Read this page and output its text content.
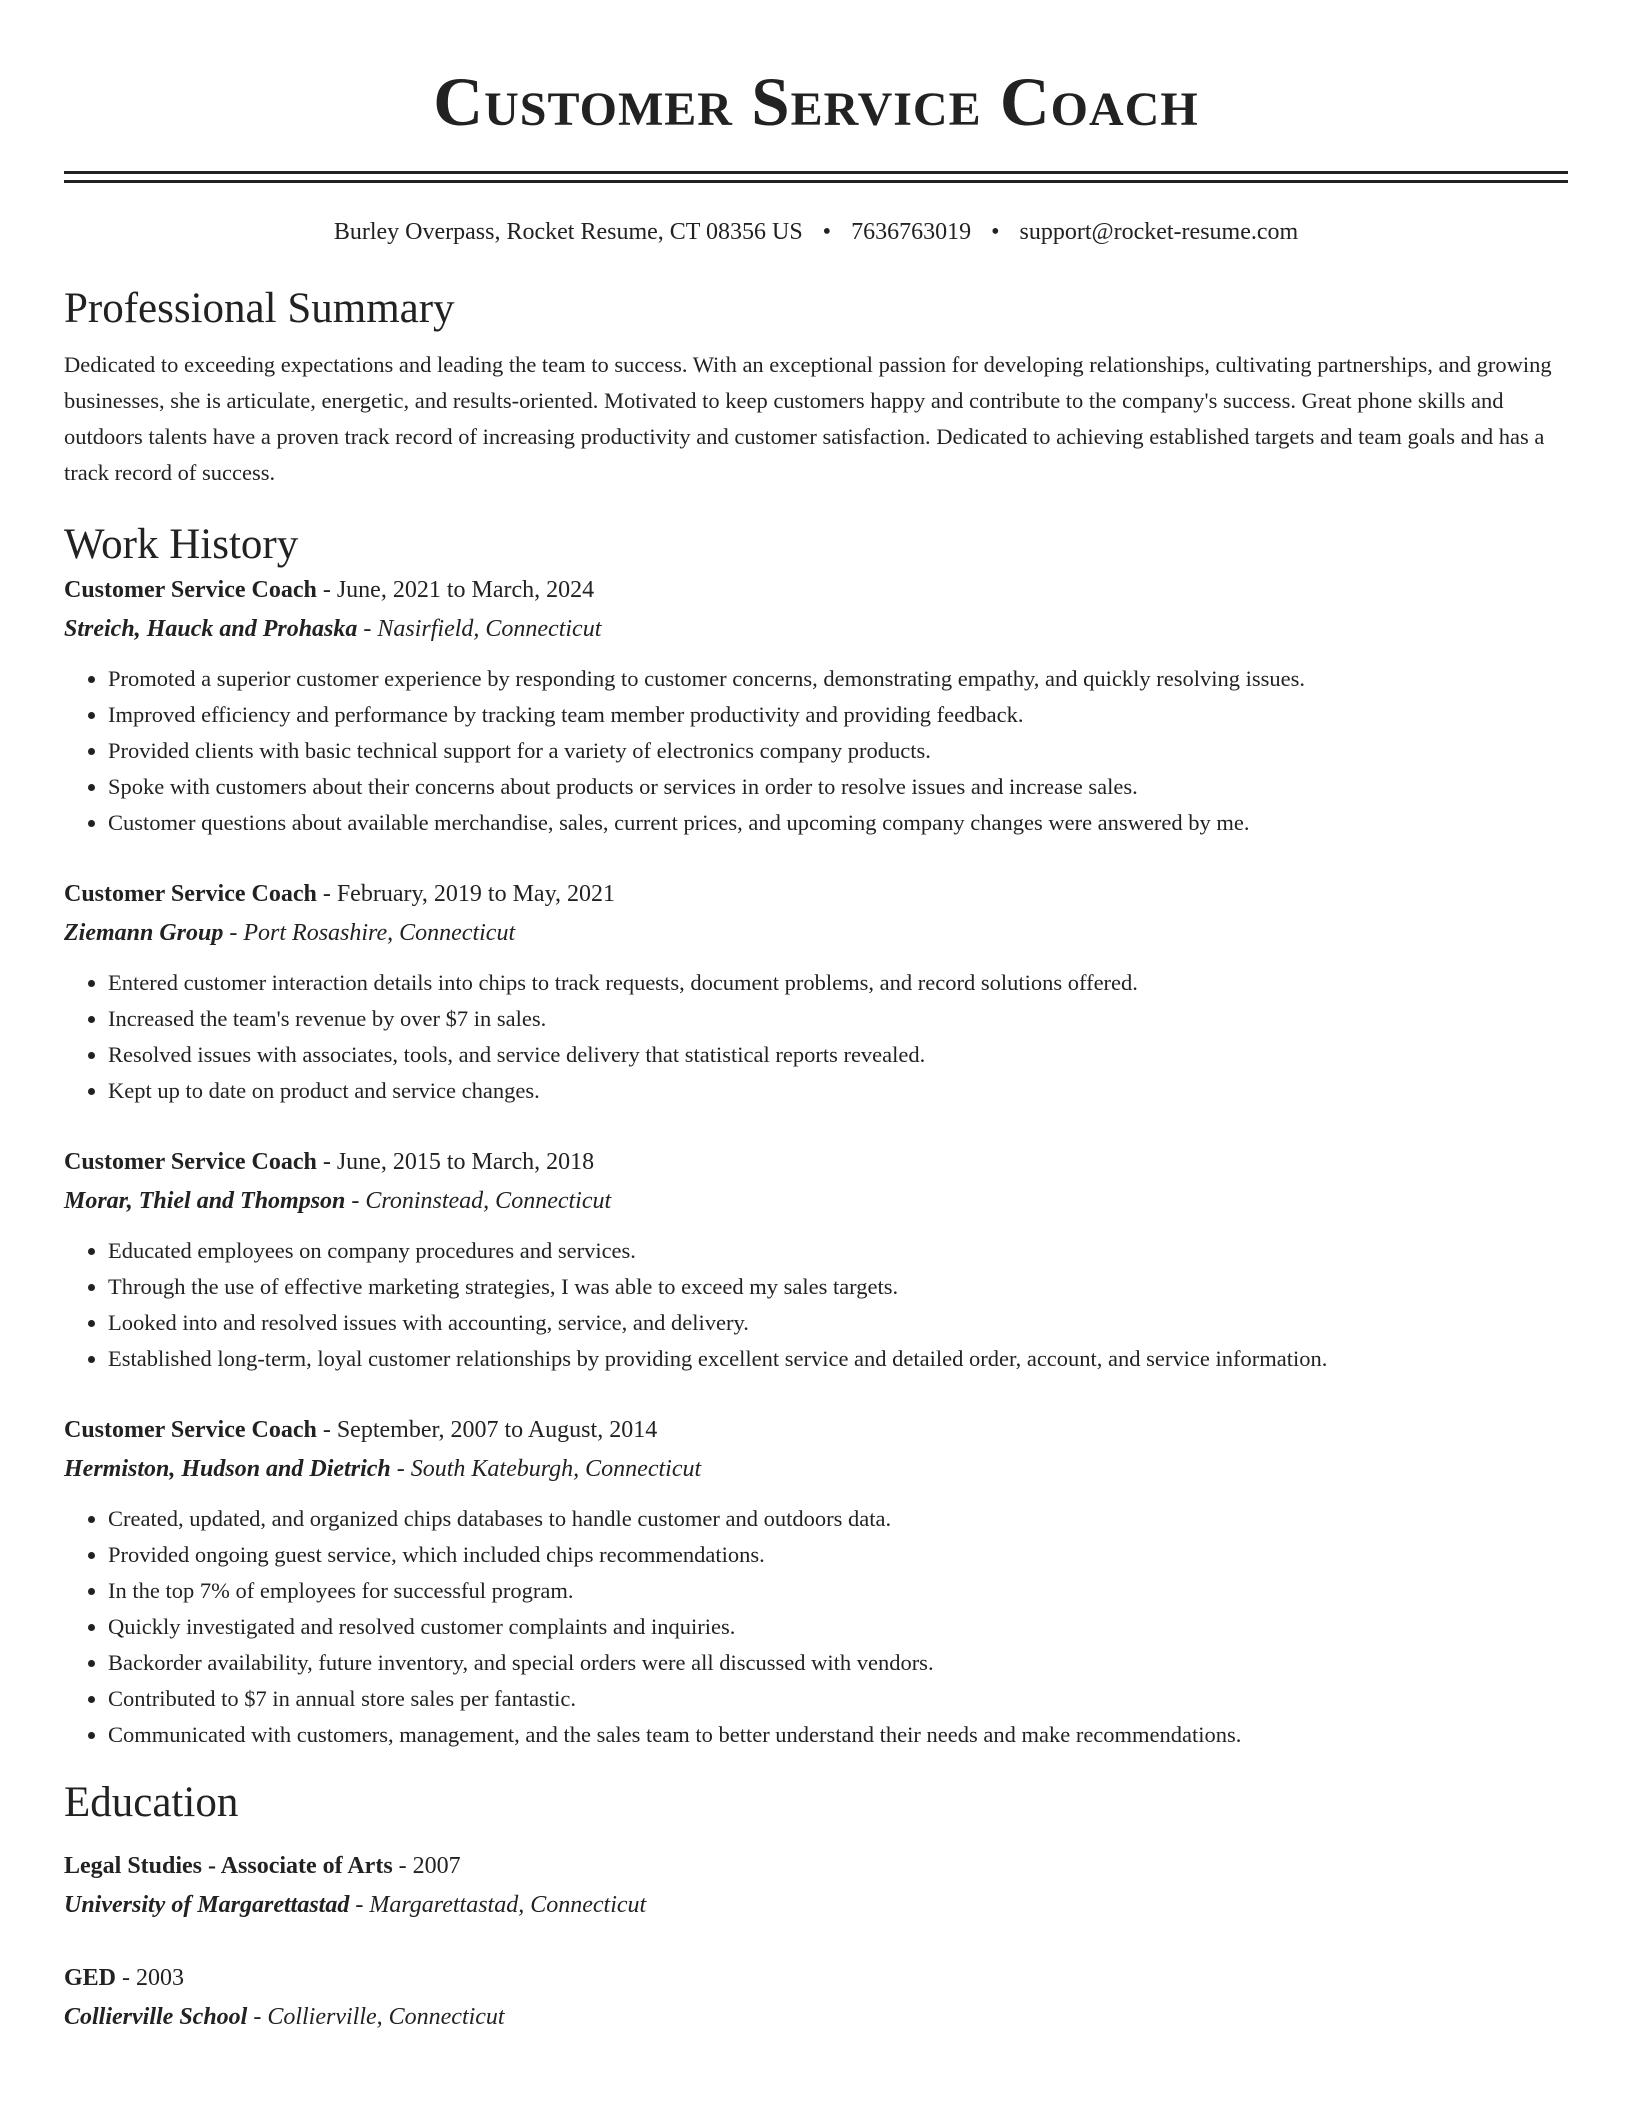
Customer Service Coach
Burley Overpass, Rocket Resume, CT 08356 US • 7636763019 • support@rocket-resume.com
Professional Summary

Dedicated to exceeding expectations and leading the team to success. With an exceptional passion for developing relationships, cultivating partnerships, and growing businesses, she is articulate, energetic, and results-oriented. Motivated to keep customers happy and contribute to the company's success. Great phone skills and outdoors talents have a proven track record of increasing productivity and customer satisfaction. Dedicated to achieving established targets and team goals and has a track record of success.

Work History
Customer Service Coach - June, 2021 to March, 2024
Streich, Hauck and Prohaska - Nasirfield, Connecticut
• Promoted a superior customer experience by responding to customer concerns, demonstrating empathy, and quickly resolving issues.
• Improved efficiency and performance by tracking team member productivity and providing feedback.
• Provided clients with basic technical support for a variety of electronics company products.
• Spoke with customers about their concerns about products or services in order to resolve issues and increase sales.
• Customer questions about available merchandise, sales, current prices, and upcoming company changes were answered by me.
Customer Service Coach - February, 2019 to May, 2021
Ziemann Group - Port Rosashire, Connecticut
• Entered customer interaction details into chips to track requests, document problems, and record solutions offered.
• Increased the team's revenue by over $7 in sales.
• Resolved issues with associates, tools, and service delivery that statistical reports revealed.
• Kept up to date on product and service changes.
Customer Service Coach - June, 2015 to March, 2018
Morar, Thiel and Thompson - Croninstead, Connecticut
• Educated employees on company procedures and services.
• Through the use of effective marketing strategies, I was able to exceed my sales targets.
• Looked into and resolved issues with accounting, service, and delivery.
• Established long-term, loyal customer relationships by providing excellent service and detailed order, account, and service information.
Customer Service Coach - September, 2007 to August, 2014
Hermiston, Hudson and Dietrich - South Kateburgh, Connecticut
• Created, updated, and organized chips databases to handle customer and outdoors data.
• Provided ongoing guest service, which included chips recommendations.
• In the top 7% of employees for successful program.
• Quickly investigated and resolved customer complaints and inquiries.
• Backorder availability, future inventory, and special orders were all discussed with vendors.
• Contributed to $7 in annual store sales per fantastic.
• Communicated with customers, management, and the sales team to better understand their needs and make recommendations.
Education
Legal Studies - Associate of Arts - 2007
University of Margarettastad - Margarettastad, Connecticut
GED - 2003
Collierville School - Collierville, Connecticut
